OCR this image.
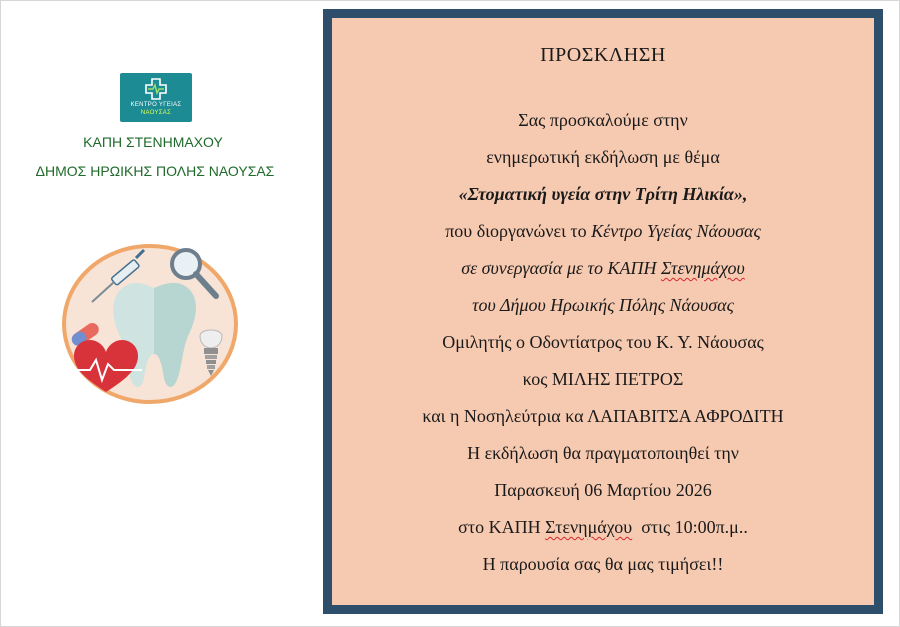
ΚΕΝΤΡΟ ΥΓΕΙΑΣ
ΝΑΟΥΣΑΣ
ΚΑΠΗ ΣΤΕΝΗΜΑΧΟΥ
ΔΗΜΟΣ ΗΡΩΙΚΗΣ ΠΟΛΗΣ ΝΑΟΥΣΑΣ
ΠΡΟΣΚΛΗΣΗ
Σας προσκαλούμε στην
ενημερωτική εκδήλωση με θέμα
«Στοματική υγεία στην Τρίτη Ηλικία»,
που διοργανώνει το Κέντρο Υγείας Νάουσας
σε συνεργασία με το ΚΑΠΗ Στενημάχου
του Δήμου Ηρωικής Πόλης Νάουσας
Ομιλητής ο Οδοντίατρος του Κ. Υ. Νάουσας
κος ΜΙΛΗΣ ΠΕΤΡΟΣ
και η Νοσηλεύτρια κα ΛΑΠΑΒΙΤΣΑ ΑΦΡΟΔΙΤΗ
Η εκδήλωση θα πραγματοποιηθεί την
Παρασκευή 06 Μαρτίου 2026
στο ΚΑΠΗ Στενημάχου  στις 10:00π.μ..
Η παρουσία σας θα μας τιμήσει!!
